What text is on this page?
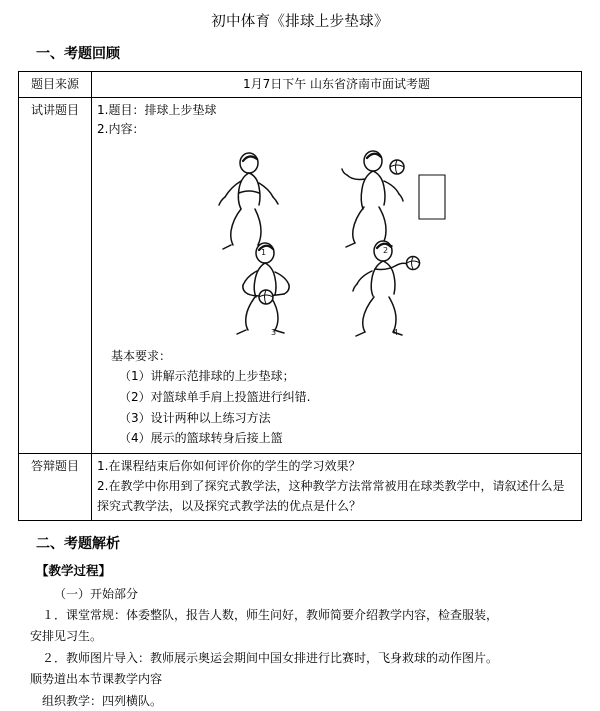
初中体育《排球上步垫球》
一、考题回顾
题目来源	1月7日下午 山东省济南市面试考题
试讲题目	1.题目：排球上步垫球

2.内容：

1	2
3	4
基本要求：

（1）讲解示范排球的上步垫球；

（2）对篮球单手肩上投篮进行纠错.

（3）设计两种以上练习方法

（4）展示的篮球转身后接上篮

答辩题目	1.在课程结束后你如何评价你的学生的学习效果？

2.在教学中你用到了探究式教学法，这种教学方法常常被用在球类教学中，请叙述什么是

探究式教学法，以及探究式教学法的优点是什么？

二、考题解析

【教学过程】

（一）开始部分

１．课堂常规：体委整队，报告人数，师生问好，教师简要介绍教学内容，检查服装，

安排见习生。

２．教师图片导入：教师展示奥运会期间中国女排进行比赛时，飞身救球的动作图片。

顺势道出本节课教学内容

组织教学：四列横队。
